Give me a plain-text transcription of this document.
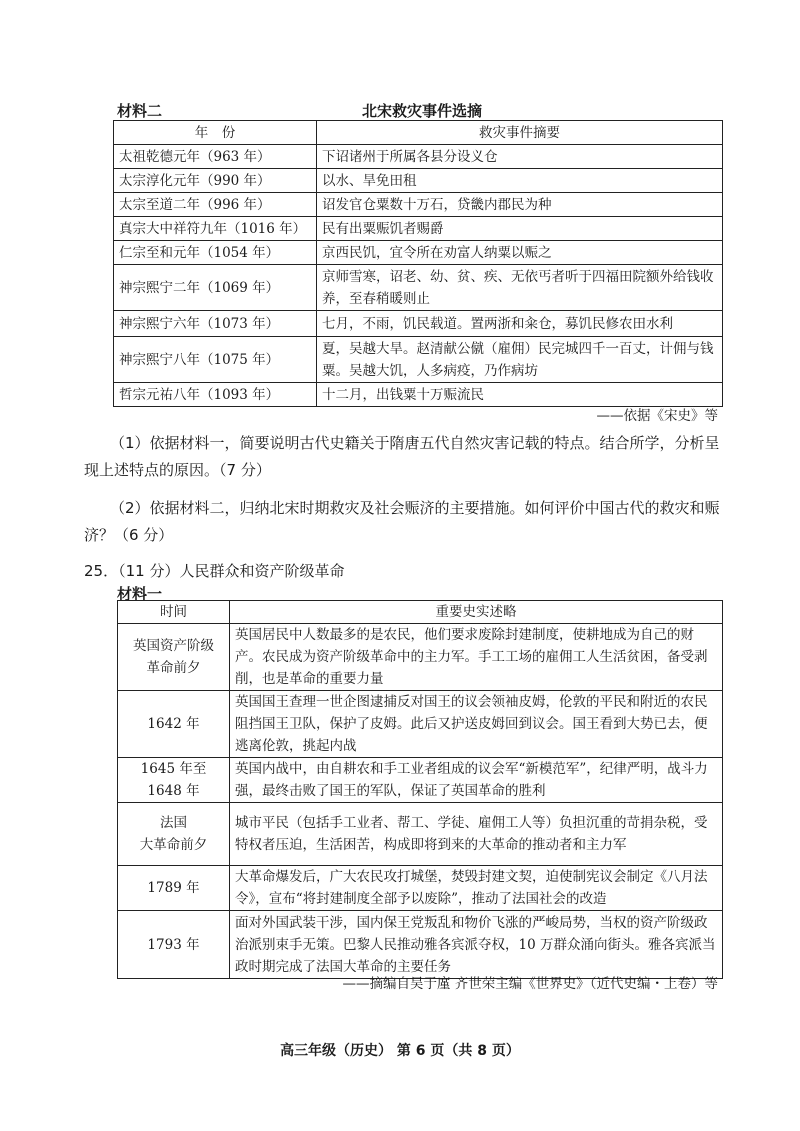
材料二	北宋救灾事件选摘
年　份	救灾事件摘要
太祖乾德元年（963 年）	下诏诸州于所属各县分设义仓
太宗淳化元年（990 年）	以水、旱免田租
太宗至道二年（996 年）	诏发官仓粟数十万石，贷畿内郡民为种
真宗大中祥符九年（1016 年）	民有出粟赈饥者赐爵
仁宗至和元年（1054 年）	京西民饥，宜令所在劝富人纳粟以赈之
神宗熙宁二年（1069 年）	京师雪寒，诏老、幼、贫、疾、无依丐者听于四福田院额外给钱收养，至春稍暖则止
神宗熙宁六年（1073 年）	七月，不雨，饥民载道。置两浙和籴仓，募饥民修农田水利
神宗熙宁八年（1075 年）	夏，吴越大旱。赵清献公僦（雇佣）民完城四千一百丈，计佣与钱粟。吴越大饥，人多病疫，乃作病坊
哲宗元祐八年（1093 年）	十二月，出钱粟十万赈流民
——依据《宋史》等
（1）依据材料一，简要说明古代史籍关于隋唐五代自然灾害记载的特点。结合所学，分析呈现上述特点的原因。（7 分）
（2）依据材料二，归纳北宋时期救灾及社会赈济的主要措施。如何评价中国古代的救灾和赈济？（6 分）
25．（11 分）人民群众和资产阶级革命
材料一
时间	重要史实述略
英国资产阶级
革命前夕	英国居民中人数最多的是农民，他们要求废除封建制度，使耕地成为自己的财产。农民成为资产阶级革命中的主力军。手工工场的雇佣工人生活贫困，备受剥削，也是革命的重要力量
1642 年	英国国王查理一世企图逮捕反对国王的议会领袖皮姆，伦敦的平民和附近的农民阻挡国王卫队，保护了皮姆。此后又护送皮姆回到议会。国王看到大势已去，便逃离伦敦，挑起内战
1645 年至
1648 年	英国内战中，由自耕农和手工业者组成的议会军“新模范军”，纪律严明，战斗力强，最终击败了国王的军队，保证了英国革命的胜利
法国
大革命前夕	城市平民（包括手工业者、帮工、学徒、雇佣工人等）负担沉重的苛捐杂税，受特权者压迫，生活困苦，构成即将到来的大革命的推动者和主力军
1789 年	大革命爆发后，广大农民攻打城堡，焚毁封建文契，迫使制宪议会制定《八月法令》，宣布“将封建制度全部予以废除”，推动了法国社会的改造
1793 年	面对外国武装干涉，国内保王党叛乱和物价飞涨的严峻局势，当权的资产阶级政治派别束手无策。巴黎人民推动雅各宾派夺权，10 万群众涌向街头。雅各宾派当政时期完成了法国大革命的主要任务
——摘编自吴于廑 齐世荣主编《世界史》（近代史编・上卷）等
高三年级（历史） 第 6 页（共 8 页）
